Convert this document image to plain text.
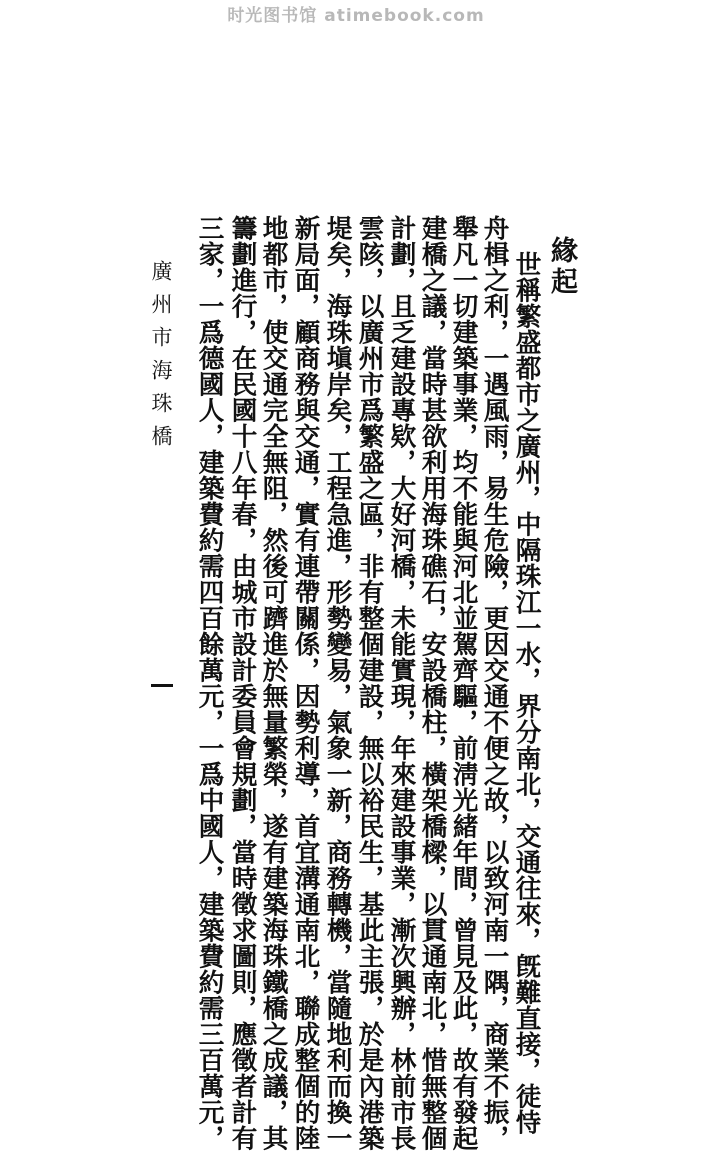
时光图书馆 atimebook.com
緣起
世稱繁盛都市之廣州，中隔珠江一水，界分南北，交通往來，旣難直接，徒恃
舟楫之利，一遇風雨，易生危險，更因交通不便之故，以致河南一隅，商業不振，
舉凡一切建築事業，均不能與河北並駕齊驅，前淸光緒年間，曾見及此，故有發起
建橋之議，當時甚欲利用海珠礁石，安設橋柱，橫架橋樑，以貫通南北，惜無整個
計劃，且乏建設專欵，大好河橋，未能實現，年來建設事業，漸次興辦，林前市長
雲陔，以廣州市爲繁盛之區，非有整個建設，無以裕民生，基此主張，於是內港築
堤矣，海珠塡岸矣，工程急進，形勢變易，氣象一新，商務轉機，當隨地利而換一
新局面，顧商務與交通，實有連帶關係，因勢利導，首宜溝通南北，聯成整個的陸
地都市，使交通完全無阻，然後可躋進於無量繁榮，遂有建築海珠鐵橋之成議，其
籌劃進行，在民國十八年春，由城市設計委員會規劃，當時徵求圖則，應徵者計有
三家，一爲德國人，建築費約需四百餘萬元，一爲中國人，建築費約需三百萬元，
廣州市海珠橋
